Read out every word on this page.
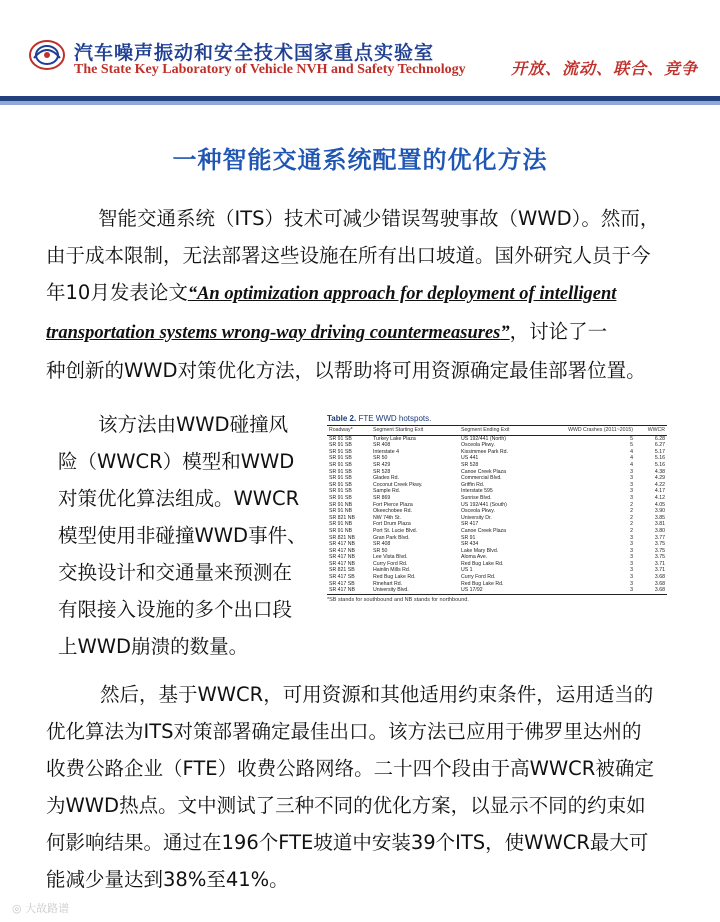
汽车噪声振动和安全技术国家重点实验室
The State Key Laboratory of Vehicle NVH and Safety Technology	开放、流动、联合、竞争
一种智能交通系统配置的优化方法
智能交通系统（ITS）技术可减少错误驾驶事故（WWD）。然而，
由于成本限制，无法部署这些设施在所有出口坡道。国外研究人员于今
年10月发表论文“An optimization approach for deployment of intelligent
transportation systems wrong-way driving countermeasures”，讨论了一
种创新的WWD对策优化方法，以帮助将可用资源确定最佳部署位置。
该方法由WWD碰撞风
险（WWCR）模型和WWD
对策优化算法组成。WWCR
模型使用非碰撞WWD事件、
交换设计和交通量来预测在
有限接入设施的多个出口段
上WWD崩溃的数量。
Table 2. FTE WWD hotspots.
Roadway*	Segment Starting Exit	Segment Ending Exit	WWD Crashes (2011~2015)	WWCR
SR 91 SB	Turkey Lake Plaza	US 192/441 (North)	5	6.28
SR 91 SB	SR 408	Osceola Pkwy.	5	6.27
SR 91 SB	Interstate 4	Kissimmee Park Rd.	4	5.17
SR 91 SB	SR 50	US 441	4	5.16
SR 91 SB	SR 429	SR 528	4	5.16
SR 91 SB	SR 528	Canoe Creek Plaza	3	4.38
SR 91 SB	Glades Rd.	Commercial Blvd.	3	4.29
SR 91 SB	Coconut Creek Pkwy.	Griffin Rd.	3	4.22
SR 91 SB	Sample Rd.	Interstate 595	3	4.17
SR 91 SB	SR 869	Sunrise Blvd.	3	4.12
SR 91 NB	Fort Pierce Plaza	US 192/441 (South)	2	4.05
SR 91 NB	Okeechobee Rd.	Osceola Pkwy.	2	3.90
SR 821 NB	NW 74th St.	University Dr.	2	3.85
SR 91 NB	Fort Drum Plaza	SR 417	2	3.81
SR 91 NB	Port St. Lucie Blvd.	Canoe Creek Plaza	2	3.80
SR 821 NB	Gran Park Blvd.	SR 91	3	3.77
SR 417 NB	SR 408	SR 434	3	3.75
SR 417 NB	SR 50	Lake Mary Blvd.	3	3.75
SR 417 NB	Lee Vista Blvd.	Aloma Ave.	3	3.75
SR 417 NB	Curry Ford Rd.	Red Bug Lake Rd.	3	3.71
SR 821 SB	Hainlin Mills Rd.	US 1	3	3.71
SR 417 SB	Red Bug Lake Rd.	Curry Ford Rd.	3	3.68
SR 417 SB	Rinehart Rd.	Red Bug Lake Rd.	3	3.68
SR 417 NB	University Blvd.	US 17/92	3	3.68
*SB stands for southbound and NB stands for northbound.
然后，基于WWCR，可用资源和其他适用约束条件，运用适当的
优化算法为ITS对策部署确定最佳出口。该方法已应用于佛罗里达州的
收费公路企业（FTE）收费公路网络。二十四个段由于高WWCR被确定
为WWD热点。文中测试了三种不同的优化方案，以显示不同的约束如
何影响结果。通过在196个FTE坡道中安装39个ITS，使WWCR最大可
能减少量达到38%至41%。
◎ 大故路谱
